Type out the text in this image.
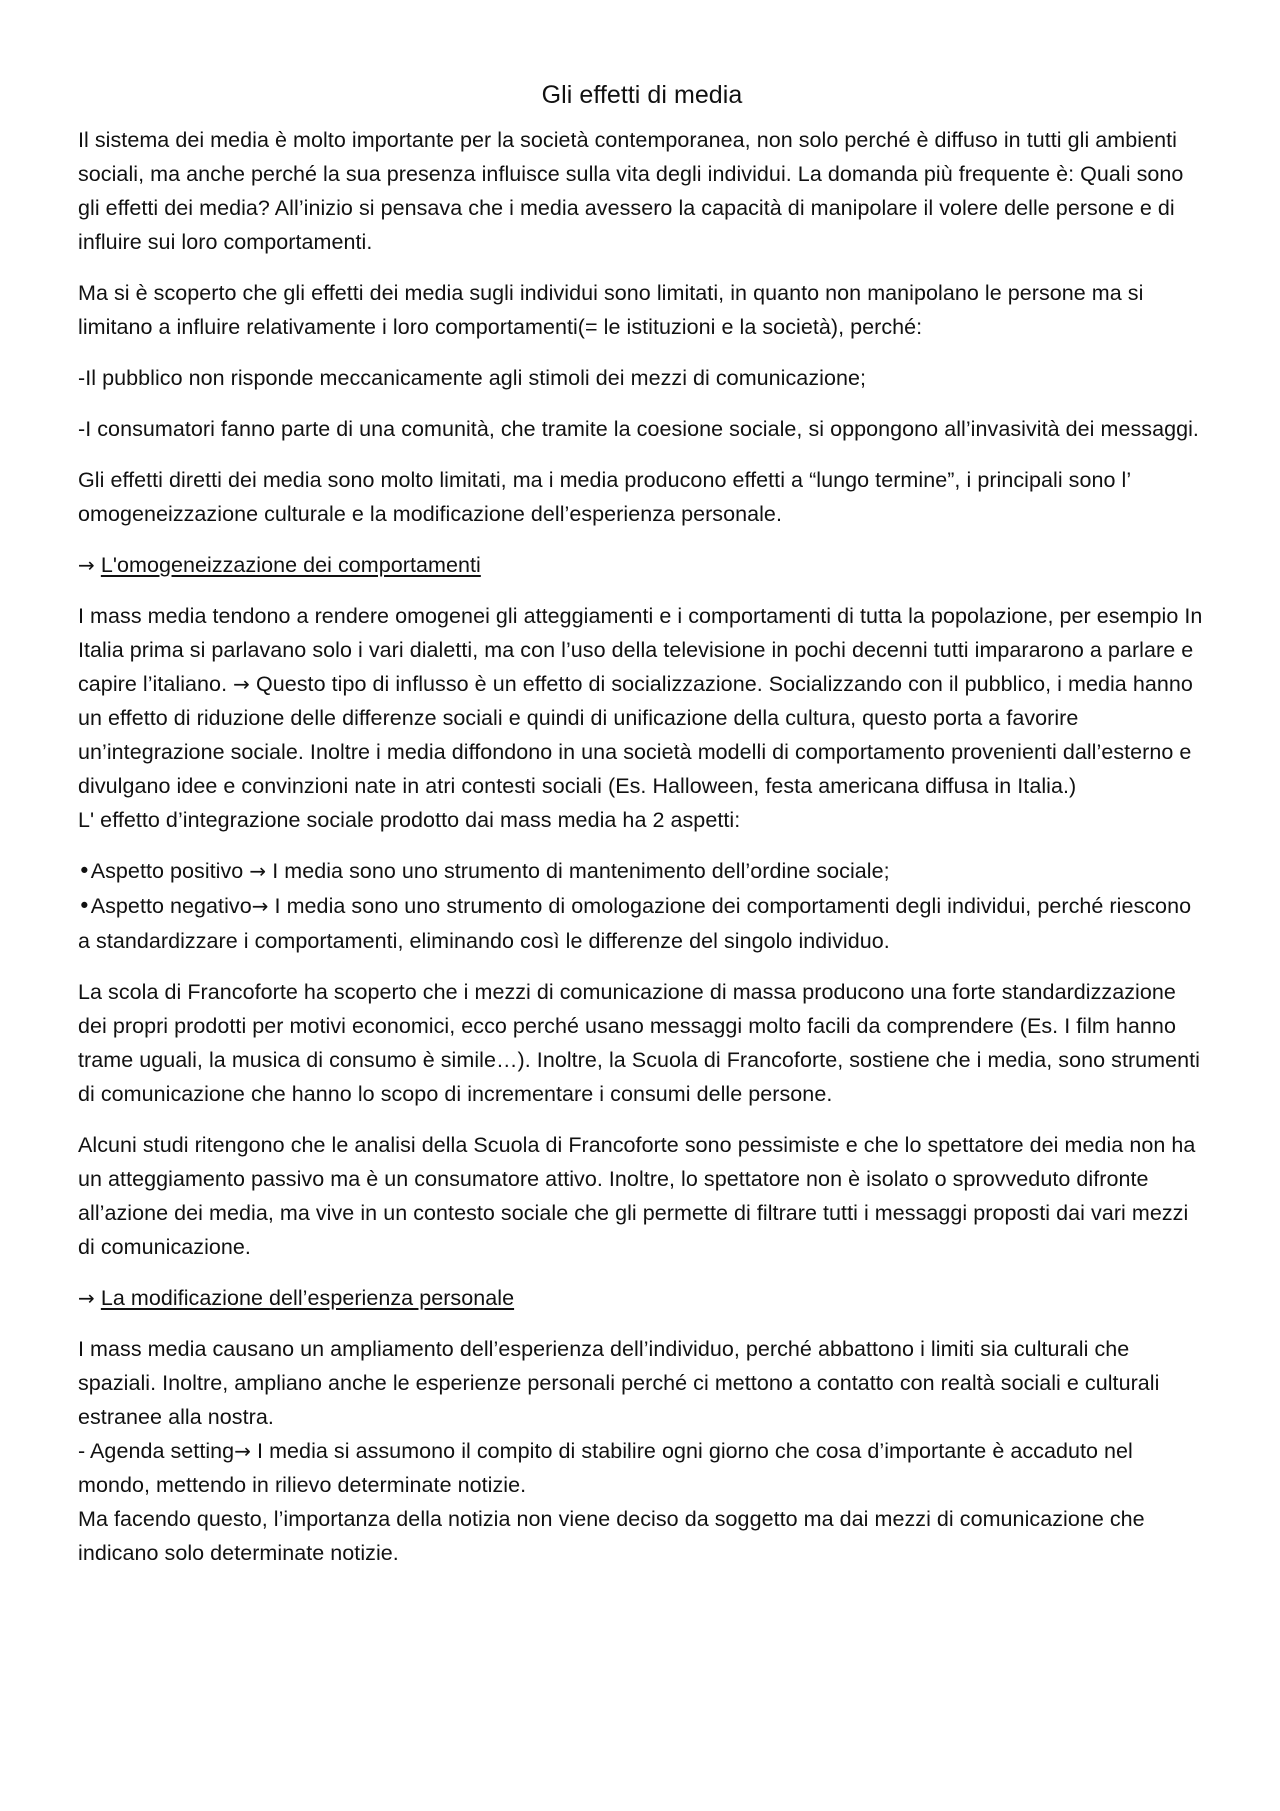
Gli effetti di media

Il sistema dei media è molto importante per la società contemporanea, non solo perché è diffuso in tutti gli ambienti sociali, ma anche perché la sua presenza influisce sulla vita degli individui. La domanda più frequente è: Quali sono gli effetti dei media? All’inizio si pensava che i media avessero la capacità di manipolare il volere delle persone e di influire sui loro comportamenti.

Ma si è scoperto che gli effetti dei media sugli individui sono limitati, in quanto non manipolano le persone ma si limitano a influire relativamente i loro comportamenti(= le istituzioni e la società), perché:

-Il pubblico non risponde meccanicamente agli stimoli dei mezzi di comunicazione;

-I consumatori fanno parte di una comunità, che tramite la coesione sociale, si oppongono all’invasività dei messaggi.

Gli effetti diretti dei media sono molto limitati, ma i media producono effetti a “lungo termine”, i principali sono l’ omogeneizzazione culturale e la modificazione dell’esperienza personale.

→ L'omogeneizzazione dei comportamenti

I mass media tendono a rendere omogenei gli atteggiamenti e i comportamenti di tutta la popolazione, per esempio In Italia prima si parlavano solo i vari dialetti, ma con l’uso della televisione in pochi decenni tutti impararono a parlare e capire l’italiano. → Questo tipo di influsso è un effetto di socializzazione. Socializzando con il pubblico, i media hanno un effetto di riduzione delle differenze sociali e quindi di unificazione della cultura, questo porta a favorire un’integrazione sociale. Inoltre i media diffondono in una società modelli di comportamento provenienti dall’esterno e divulgano idee e convinzioni nate in atri contesti sociali (Es. Halloween, festa americana diffusa in Italia.)

L' effetto d’integrazione sociale prodotto dai mass media ha 2 aspetti:

•Aspetto positivo → I media sono uno strumento di mantenimento dell’ordine sociale;
•Aspetto negativo→ I media sono uno strumento di omologazione dei comportamenti degli individui, perché riescono a standardizzare i comportamenti, eliminando così le differenze del singolo individuo.

La scola di Francoforte ha scoperto che i mezzi di comunicazione di massa producono una forte standardizzazione dei propri prodotti per motivi economici, ecco perché usano messaggi molto facili da comprendere (Es. I film hanno trame uguali, la musica di consumo è simile…). Inoltre, la Scuola di Francoforte, sostiene che i media, sono strumenti di comunicazione che hanno lo scopo di incrementare i consumi delle persone.

Alcuni studi ritengono che le analisi della Scuola di Francoforte sono pessimiste e che lo spettatore dei media non ha un atteggiamento passivo ma è un consumatore attivo. Inoltre, lo spettatore non è isolato o sprovveduto difronte all’azione dei media, ma vive in un contesto sociale che gli permette di filtrare tutti i messaggi proposti dai vari mezzi di comunicazione.

→ La modificazione dell’esperienza personale

I mass media causano un ampliamento dell’esperienza dell’individuo, perché abbattono i limiti sia culturali che spaziali. Inoltre, ampliano anche le esperienze personali perché ci mettono a contatto con realtà sociali e culturali estranee alla nostra.

- Agenda setting→ I media si assumono il compito di stabilire ogni giorno che cosa d’importante è accaduto nel mondo, mettendo in rilievo determinate notizie.

Ma facendo questo, l’importanza della notizia non viene deciso da soggetto ma dai mezzi di comunicazione che indicano solo determinate notizie.
